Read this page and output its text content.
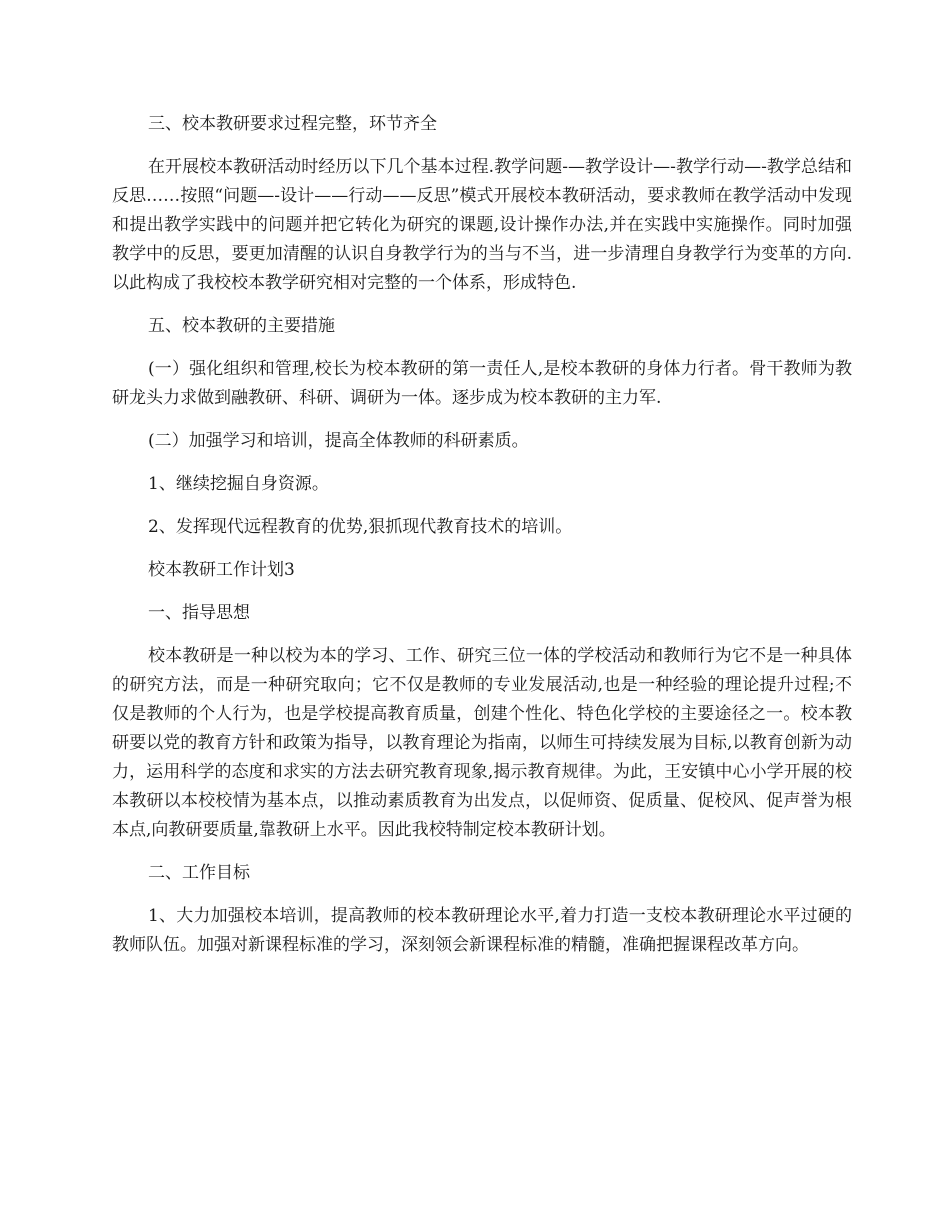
三、校本教研要求过程完整，环节齐全

在开展校本教研活动时经历以下几个基本过程.教学问题-—教学设计—-教学行动—-教学总结和反思……按照“问题—-设计——行动——反思”模式开展校本教研活动，要求教师在教学活动中发现和提出教学实践中的问题并把它转化为研究的课题,设计操作办法,并在实践中实施操作。同时加强教学中的反思，要更加清醒的认识自身教学行为的当与不当，进一步清理自身教学行为变革的方向.以此构成了我校校本教学研究相对完整的一个体系，形成特色.

五、校本教研的主要措施

(一）强化组织和管理,校长为校本教研的第一责任人,是校本教研的身体力行者。骨干教师为教研龙头力求做到融教研、科研、调研为一体。逐步成为校本教研的主力军.

(二）加强学习和培训，提高全体教师的科研素质。

1、继续挖掘自身资源。

2、发挥现代远程教育的优势,狠抓现代教育技术的培训。

校本教研工作计划3

一、指导思想

校本教研是一种以校为本的学习、工作、研究三位一体的学校活动和教师行为它不是一种具体的研究方法，而是一种研究取向；它不仅是教师的专业发展活动,也是一种经验的理论提升过程;不仅是教师的个人行为，也是学校提高教育质量，创建个性化、特色化学校的主要途径之一。校本教研要以党的教育方针和政策为指导，以教育理论为指南，以师生可持续发展为目标,以教育创新为动力，运用科学的态度和求实的方法去研究教育现象,揭示教育规律。为此，王安镇中心小学开展的校本教研以本校校情为基本点，以推动素质教育为出发点，以促师资、促质量、促校风、促声誉为根本点,向教研要质量,靠教研上水平。因此我校特制定校本教研计划。

二、工作目标

1、大力加强校本培训，提高教师的校本教研理论水平,着力打造一支校本教研理论水平过硬的教师队伍。加强对新课程标准的学习，深刻领会新课程标准的精髓，准确把握课程改革方向。
